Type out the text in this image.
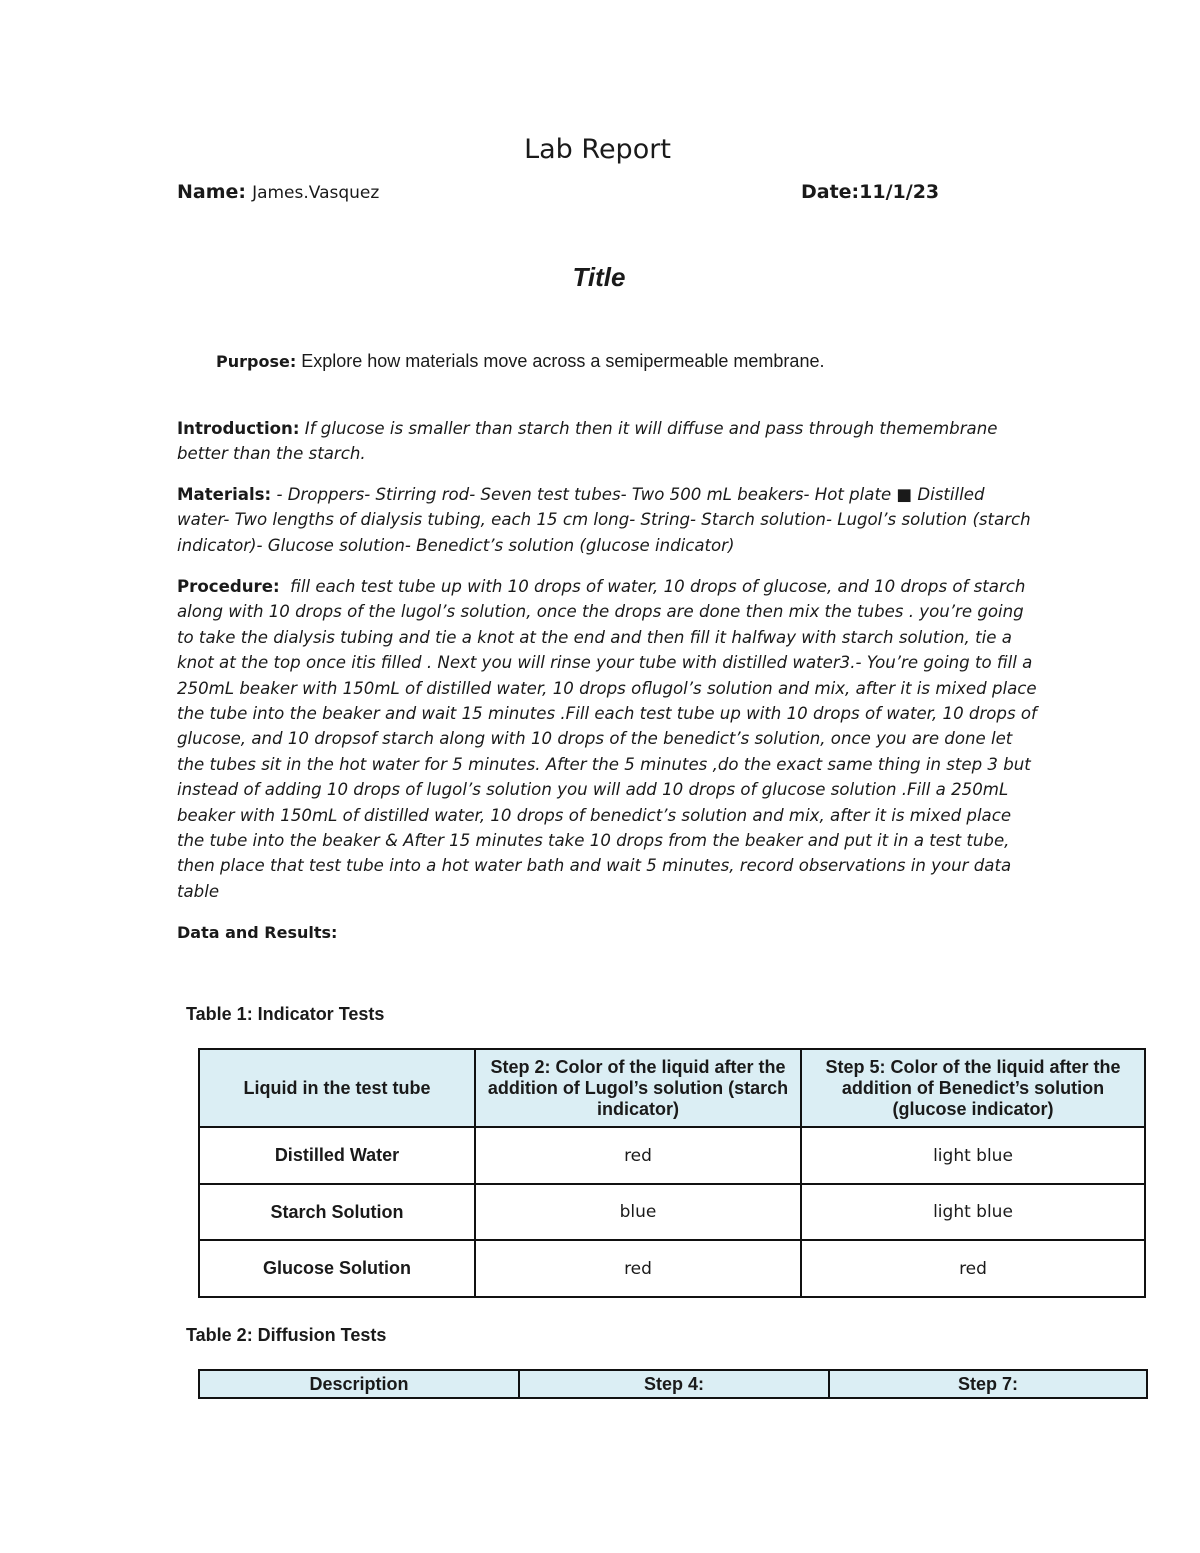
Lab Report
Name: James.Vasquez	Date:11/1/23
Title
Purpose: Explore how materials move across a semipermeable membrane.
Introduction: If glucose is smaller than starch then it will diffuse and pass through themembrane better than the starch.
Materials: - Droppers- Stirring rod- Seven test tubes- Two 500 mL beakers- Hot plate ■ Distilled water- Two lengths of dialysis tubing, each 15 cm long- String- Starch solution- Lugol’s solution (starch indicator)- Glucose solution- Benedict’s solution (glucose indicator)
Procedure: fill each test tube up with 10 drops of water, 10 drops of glucose, and 10 drops of starch along with 10 drops of the lugol’s solution, once the drops are done then mix the tubes . you’re going to take the dialysis tubing and tie a knot at the end and then fill it halfway with starch solution, tie a knot at the top once itis filled . Next you will rinse your tube with distilled water3.- You’re going to fill a 250mL beaker with 150mL of distilled water, 10 drops oflugol’s solution and mix, after it is mixed place the tube into the beaker and wait 15 minutes .Fill each test tube up with 10 drops of water, 10 drops of glucose, and 10 dropsof starch along with 10 drops of the benedict’s solution, once you are done let the tubes sit in the hot water for 5 minutes. After the 5 minutes ,do the exact same thing in step 3 but instead of adding 10 drops of lugol’s solution you will add 10 drops of glucose solution .Fill a 250mL beaker with 150mL of distilled water, 10 drops of benedict’s solution and mix, after it is mixed place the tube into the beaker & After 15 minutes take 10 drops from the beaker and put it in a test tube, then place that test tube into a hot water bath and wait 5 minutes, record observations in your data table
Data and Results:
Table 1: Indicator Tests
Liquid in the test tube	Step 2: Color of the liquid after the addition of Lugol’s solution (starch indicator)	Step 5: Color of the liquid after the addition of Benedict’s solution (glucose indicator)
Distilled Water	red	light blue
Starch Solution	blue	light blue
Glucose Solution	red	red
Table 2: Diffusion Tests
Description	Step 4:	Step 7:
